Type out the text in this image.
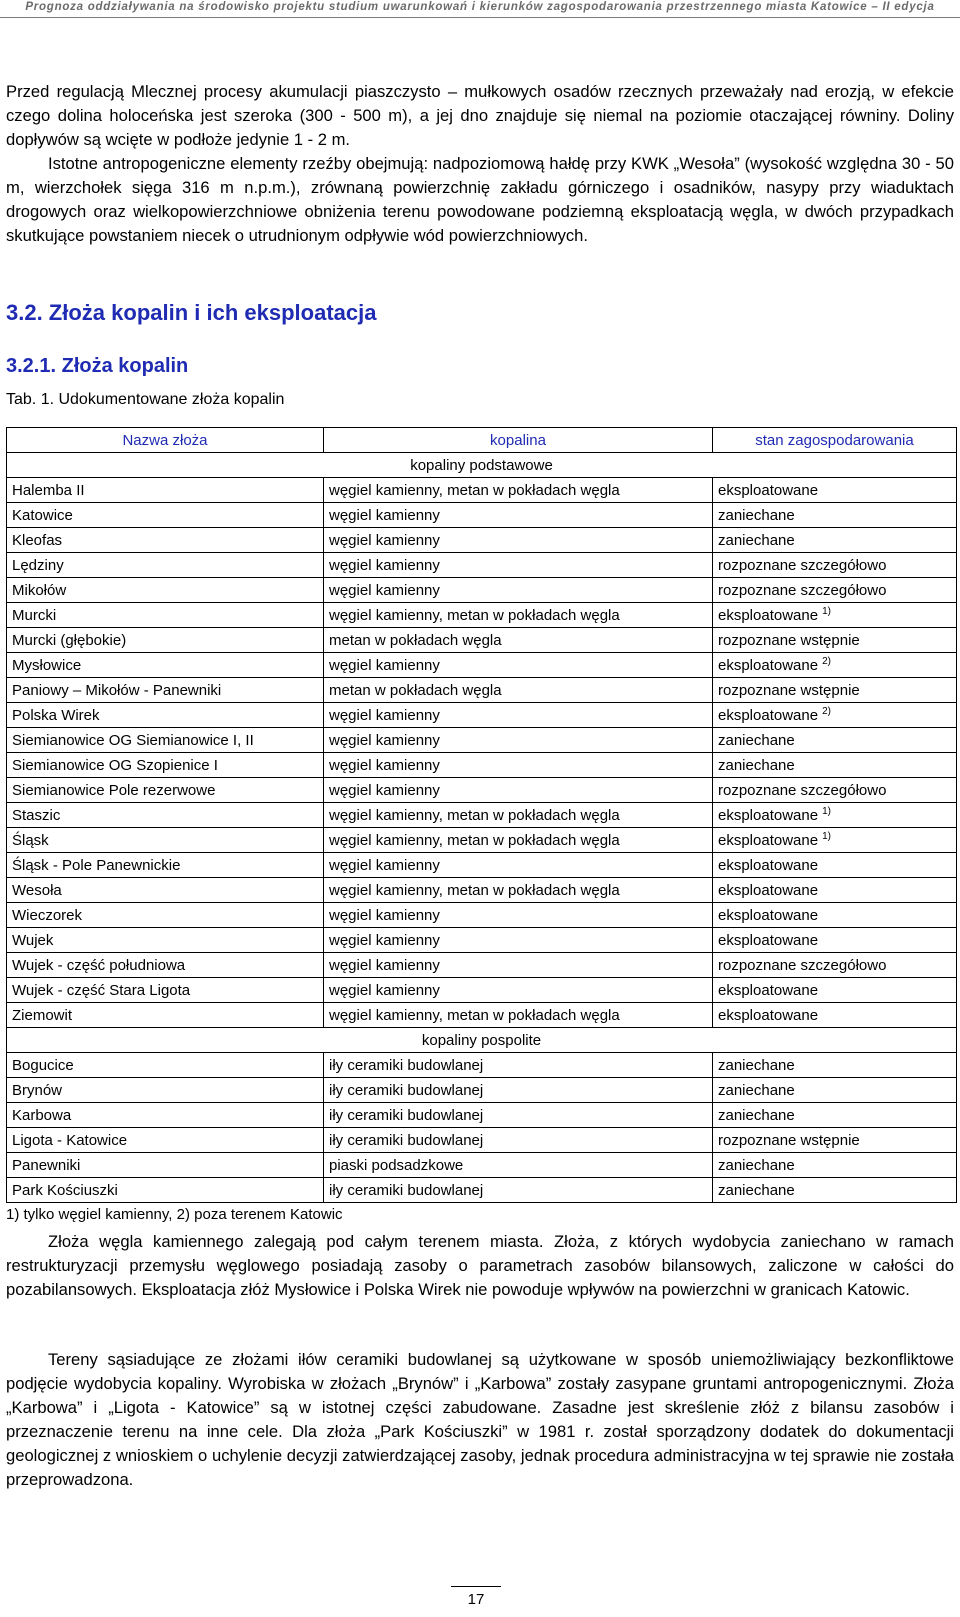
Prognoza oddziaływania na środowisko projektu studium uwarunkowań i kierunków zagospodarowania przestrzennego miasta Katowice – II edycja

Przed regulacją Mlecznej procesy akumulacji piaszczysto – mułkowych osadów rzecznych przeważały nad erozją, w efekcie czego dolina holoceńska jest szeroka (300 - 500 m), a jej dno znajduje się niemal na poziomie otaczającej równiny. Doliny dopływów są wcięte w podłoże jedynie 1 - 2 m.

Istotne antropogeniczne elementy rzeźby obejmują: nadpoziomową hałdę przy KWK „Wesoła” (wysokość względna 30 - 50 m, wierzchołek sięga 316 m n.p.m.), zrównaną powierzchnię zakładu górniczego i osadników, nasypy przy wiaduktach drogowych oraz wielkopowierzchniowe obniżenia terenu powodowane podziemną eksploatacją węgla, w dwóch przypadkach skutkujące powstaniem niecek o utrudnionym odpływie wód powierzchniowych.

3.2. Złoża kopalin i ich eksploatacja
3.2.1. Złoża kopalin
Tab. 1. Udokumentowane złoża kopalin
Nazwa złoża	kopalina	stan zagospodarowania
kopaliny podstawowe		
Halemba II	węgiel kamienny, metan w pokładach węgla	eksploatowane
Katowice	węgiel kamienny	zaniechane
Kleofas	węgiel kamienny	zaniechane
Lędziny	węgiel kamienny	rozpoznane szczegółowo
Mikołów	węgiel kamienny	rozpoznane szczegółowo
Murcki	węgiel kamienny, metan w pokładach węgla	eksploatowane $^{1)}$
Murcki (głębokie)	metan w pokładach węgla	rozpoznane wstępnie
Mysłowice	węgiel kamienny	eksploatowane $^{2)}$
Paniowy – Mikołów - Panewniki	metan w pokładach węgla	rozpoznane wstępnie
Polska Wirek	węgiel kamienny	eksploatowane $^{2)}$
Siemianowice OG Siemianowice I, II	węgiel kamienny	zaniechane
Siemianowice OG Szopienice I	węgiel kamienny	zaniechane
Siemianowice Pole rezerwowe	węgiel kamienny	rozpoznane szczegółowo
Staszic	węgiel kamienny, metan w pokładach węgla	eksploatowane $^{1)}$
Śląsk	węgiel kamienny, metan w pokładach węgla	eksploatowane $^{1)}$
Śląsk - Pole Panewnickie	węgiel kamienny	eksploatowane
Wesoła	węgiel kamienny, metan w pokładach węgla	eksploatowane
Wieczorek	węgiel kamienny	eksploatowane
Wujek	węgiel kamienny	eksploatowane
Wujek - część południowa	węgiel kamienny	rozpoznane szczegółowo
Wujek - część Stara Ligota	węgiel kamienny	eksploatowane
Ziemowit	węgiel kamienny, metan w pokładach węgla	eksploatowane
kopaliny pospolite		
Bogucice	iły ceramiki budowlanej	zaniechane
Brynów	iły ceramiki budowlanej	zaniechane
Karbowa	iły ceramiki budowlanej	zaniechane
Ligota - Katowice	iły ceramiki budowlanej	rozpoznane wstępnie
Panewniki	piaski podsadzkowe	zaniechane
Park Kościuszki	iły ceramiki budowlanej	zaniechane
1) tylko węgiel kamienny, 2) poza terenem Katowic

Złoża węgla kamiennego zalegają pod całym terenem miasta. Złoża, z których wydobycia zaniechano w ramach restrukturyzacji przemysłu węglowego posiadają zasoby o parametrach zasobów bilansowych, zaliczone w całości do pozabilansowych. Eksploatacja złóż Mysłowice i Polska Wirek nie powoduje wpływów na powierzchni w granicach Katowic.

Tereny sąsiadujące ze złożami iłów ceramiki budowlanej są użytkowane w sposób uniemożliwiający bezkonfliktowe podjęcie wydobycia kopaliny. Wyrobiska w złożach „Brynów” i „Karbowa” zostały zasypane gruntami antropogenicznymi. Złoża „Karbowa” i „Ligota - Katowice” są w istotnej części zabudowane. Zasadne jest skreślenie złóż z bilansu zasobów i przeznaczenie terenu na inne cele. Dla złoża „Park Kościuszki” w 1981 r. został sporządzony dodatek do dokumentacji geologicznej z wnioskiem o uchylenie decyzji zatwierdzającej zasoby, jednak procedura administracyjna w tej sprawie nie została przeprowadzona.

17
